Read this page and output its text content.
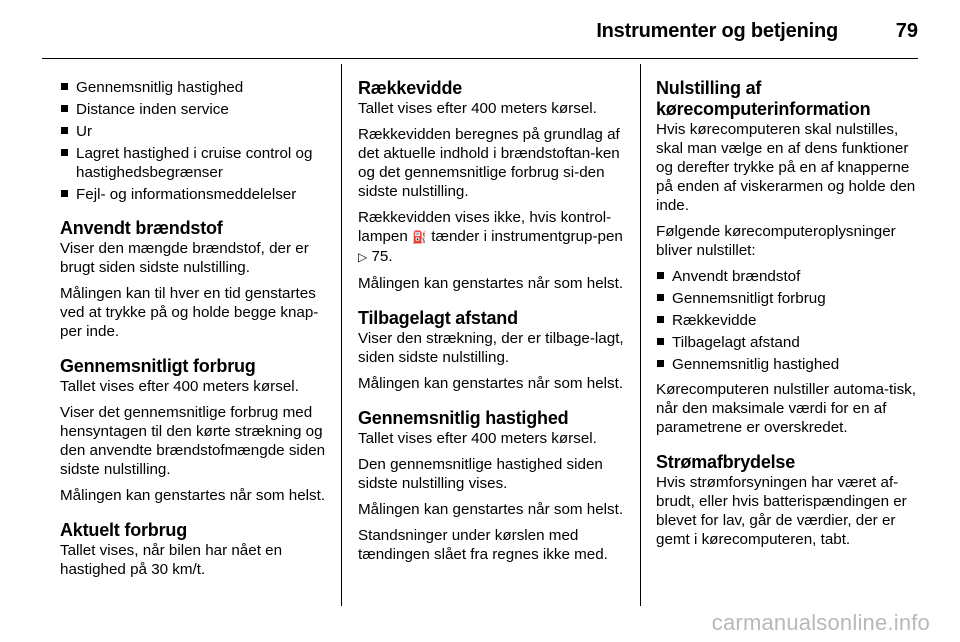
Instrumenter og betjening	79
Gennemsnitlig hastighed
Distance inden service
Ur
Lagret hastighed i cruise control og hastighedsbegrænser
Fejl- og informationsmeddelelser
Anvendt brændstof

Viser den mængde brændstof, der er brugt siden sidste nulstilling.

Målingen kan til hver en tid genstartes ved at trykke på og holde begge knap-per inde.

Gennemsnitligt forbrug

Tallet vises efter 400 meters kørsel.

Viser det gennemsnitlige forbrug med hensyntagen til den kørte strækning og den anvendte brændstofmængde siden sidste nulstilling.

Målingen kan genstartes når som helst.

Aktuelt forbrug

Tallet vises, når bilen har nået en hastighed på 30 km/t.

Rækkevidde

Tallet vises efter 400 meters kørsel.

Rækkevidden beregnes på grundlag af det aktuelle indhold i brændstoftan-ken og det gennemsnitlige forbrug si-den sidste nulstilling.

Rækkevidden vises ikke, hvis kontrol-lampen ⛽ tænder i instrumentgrup-pen ▷ 75.

Målingen kan genstartes når som helst.

Tilbagelagt afstand

Viser den strækning, der er tilbage-lagt, siden sidste nulstilling.

Målingen kan genstartes når som helst.

Gennemsnitlig hastighed

Tallet vises efter 400 meters kørsel.

Den gennemsnitlige hastighed siden sidste nulstilling vises.

Målingen kan genstartes når som helst.

Standsninger under kørslen med tændingen slået fra regnes ikke med.

Nulstilling af kørecomputerinformation

Hvis kørecomputeren skal nulstilles, skal man vælge en af dens funktioner og derefter trykke på en af knapperne på enden af viskerarmen og holde den inde.

Følgende kørecomputeroplysninger bliver nulstillet:

Anvendt brændstof
Gennemsnitligt forbrug
Rækkevidde
Tilbagelagt afstand
Gennemsnitlig hastighed

Kørecomputeren nulstiller automa-tisk, når den maksimale værdi for en af parametrene er overskredet.

Strømafbrydelse

Hvis strømforsyningen har været af-brudt, eller hvis batterispændingen er blevet for lav, går de værdier, der er gemt i kørecomputeren, tabt.

carmanualsonline.info
